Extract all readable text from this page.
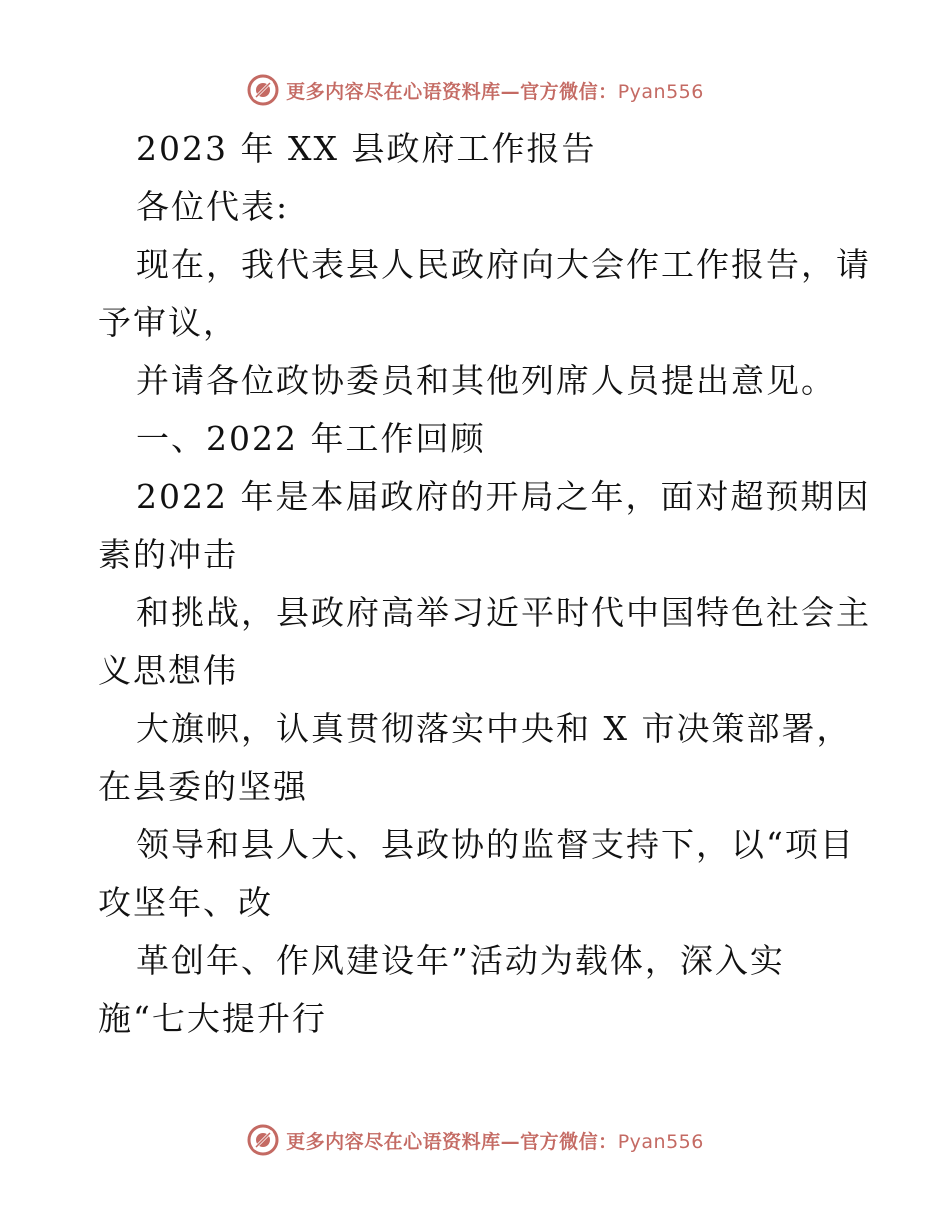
更多内容尽在心语资料库—官方微信：Pyan556
2023 年 XX 县政府工作报告
各位代表:
现在，我代表县人民政府向大会作工作报告，请
予审议，
并请各位政协委员和其他列席人员提出意见。
一、2022 年工作回顾
2022 年是本届政府的开局之年，面对超预期因
素的冲击
和挑战，县政府高举习近平时代中国特色社会主
义思想伟
大旗帜，认真贯彻落实中央和 X 市决策部署，
在县委的坚强
领导和县人大、县政协的监督支持下，以“项目
攻坚年、改
革创年、作风建设年”活动为载体，深入实
施“七大提升行
更多内容尽在心语资料库—官方微信：Pyan556
